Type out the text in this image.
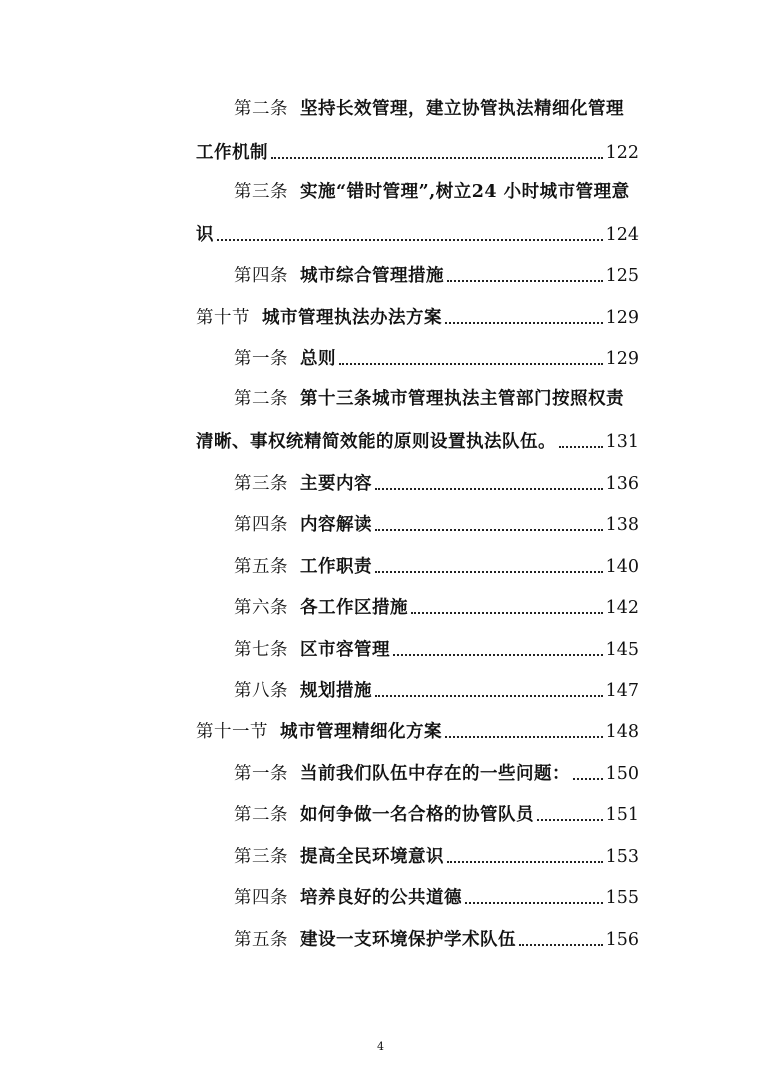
第二条 坚持长效管理，建立协管执法精细化管理
工作机制	122
第三条 实施“错时管理”,树立24 小时城市管理意
识	124
第四条 城市综合管理措施	125
第十节 城市管理执法办法方案	129
第一条 总则	129
第二条 第十三条城市管理执法主管部门按照权责
清晰、事权统精简效能的原则设置执法队伍。	131
第三条 主要内容	136
第四条 内容解读	138
第五条 工作职责	140
第六条 各工作区措施	142
第七条 区市容管理	145
第八条 规划措施	147
第十一节 城市管理精细化方案	148
第一条 当前我们队伍中存在的一些问题： 150
第二条 如何争做一名合格的协管队员	151
第三条 提高全民环境意识	153
第四条 培养良好的公共道德	155
第五条 建设一支环境保护学术队伍	156
4
